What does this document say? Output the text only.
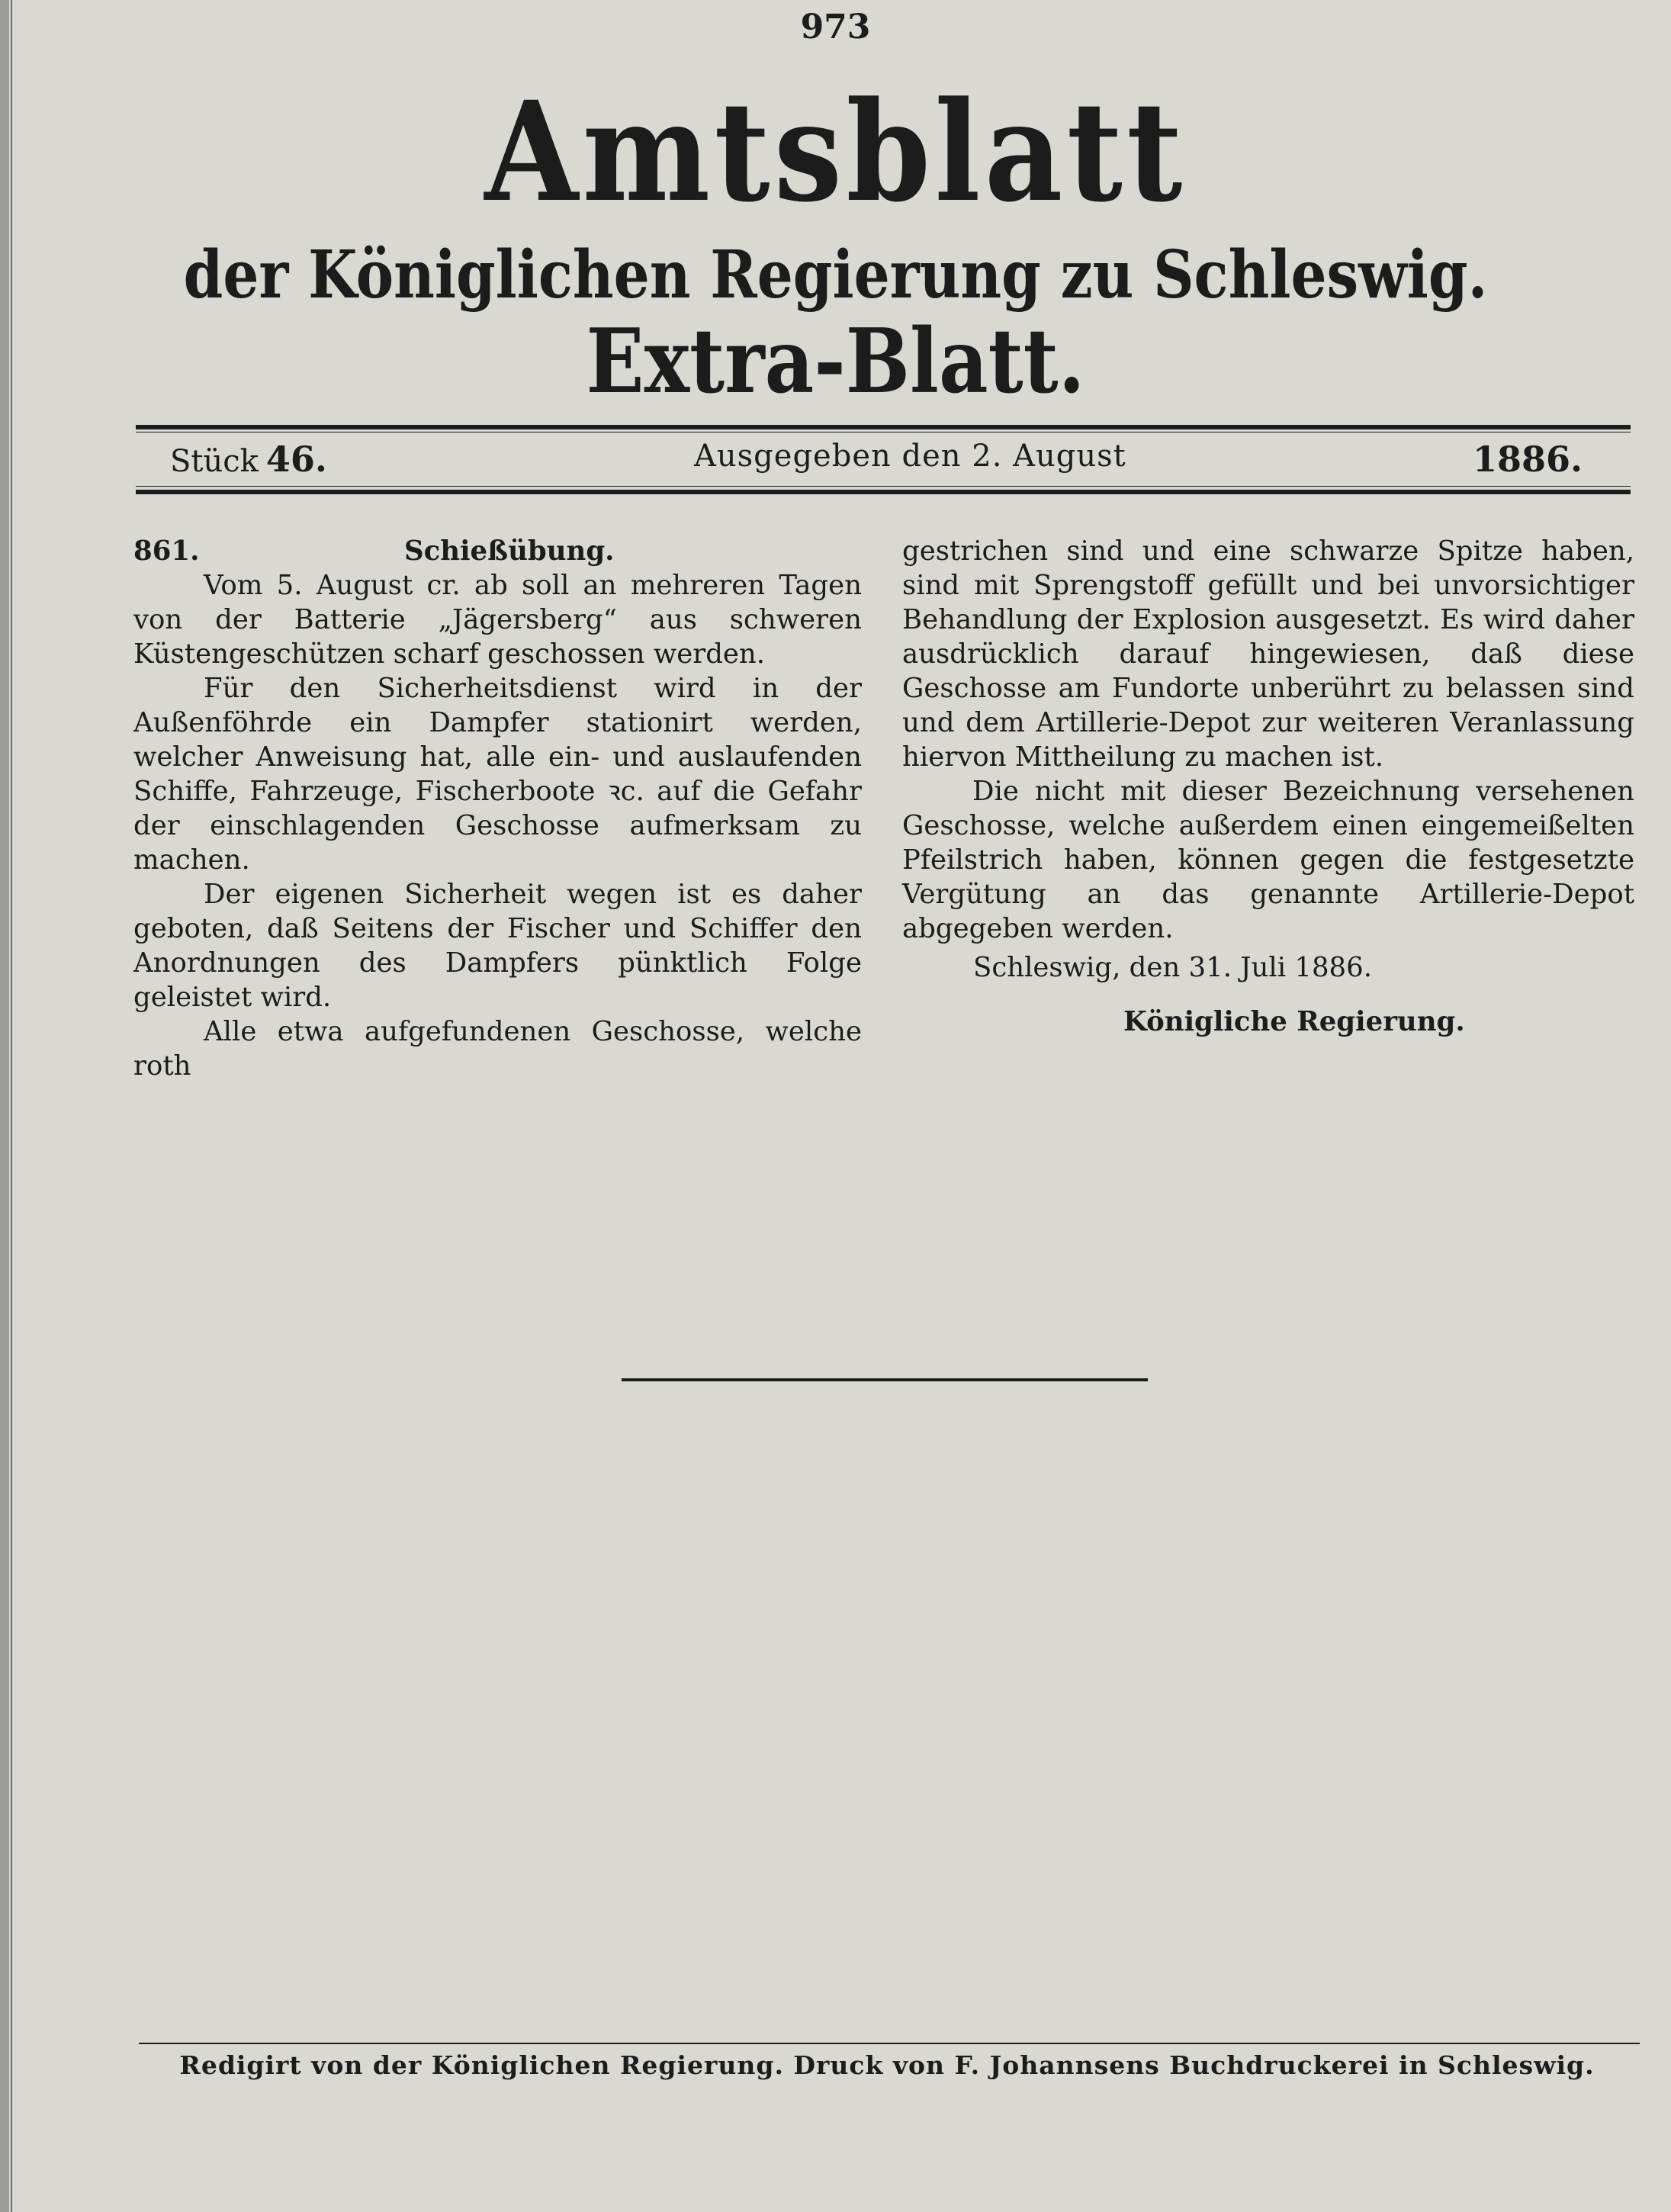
973
Amtsblatt
der Königlichen Regierung zu Schleswig.
Extra-Blatt.
Stück 46.	Ausgegeben den 2. August	1886.
861.	Schießübung.

Vom 5. August cr. ab soll an mehreren Tagen von der Batterie „Jägersberg“ aus schweren Küstengeschützen scharf geschossen werden.

Für den Sicherheitsdienst wird in der Außenföhrde ein Dampfer stationirt werden, welcher Anweisung hat, alle ein- und auslaufenden Schiffe, Fahrzeuge, Fischerboote ꝛc. auf die Gefahr der einschlagenden Geschosse aufmerksam zu machen.

Der eigenen Sicherheit wegen ist es daher geboten, daß Seitens der Fischer und Schiffer den Anordnungen des Dampfers pünktlich Folge geleistet wird.

Alle etwa aufgefundenen Geschosse, welche roth

gestrichen sind und eine schwarze Spitze haben, sind mit Sprengstoff gefüllt und bei unvorsichtiger Behandlung der Explosion ausgesetzt. Es wird daher ausdrücklich darauf hingewiesen, daß diese Geschosse am Fundorte unberührt zu belassen sind und dem Artillerie-Depot zur weiteren Veranlassung hiervon Mittheilung zu machen ist.

Die nicht mit dieser Bezeichnung versehenen Geschosse, welche außerdem einen eingemeißelten Pfeilstrich haben, können gegen die festgesetzte Vergütung an das genannte Artillerie-Depot abgegeben werden.

Schleswig, den 31. Juli 1886.

Königliche Regierung.

Redigirt von der Königlichen Regierung. Druck von F. Johannsens Buchdruckerei in Schleswig.
